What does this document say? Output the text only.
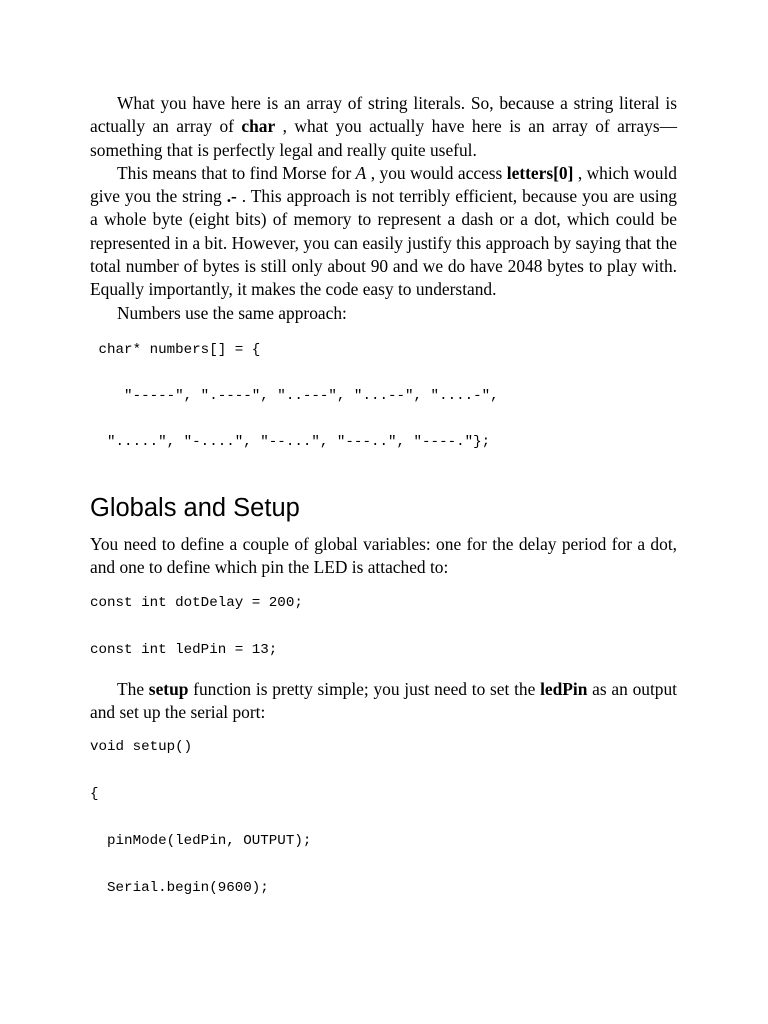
What you have here is an array of string literals. So, because a string literal is actually an array of char , what you actually have here is an array of arrays—something that is perfectly legal and really quite useful.

This means that to find Morse for A , you would access letters[0] , which would give you the string .- . This approach is not terribly efficient, because you are using a whole byte (eight bits) of memory to represent a dash or a dot, which could be represented in a bit. However, you can easily justify this approach by saying that the total number of bytes is still only about 90 and we do have 2048 bytes to play with. Equally importantly, it makes the code easy to understand.

Numbers use the same approach:

char* numbers[] = {
"-----", ".----", "..---", "...--", "....-",
".....", "-....", "--...", "---..", "----."};
Globals and Setup

You need to define a couple of global variables: one for the delay period for a dot, and one to define which pin the LED is attached to:

const int dotDelay = 200;
const int ledPin = 13;

The setup function is pretty simple; you just need to set the ledPin as an output and set up the serial port:

void setup()
{
pinMode(ledPin, OUTPUT);
Serial.begin(9600);
